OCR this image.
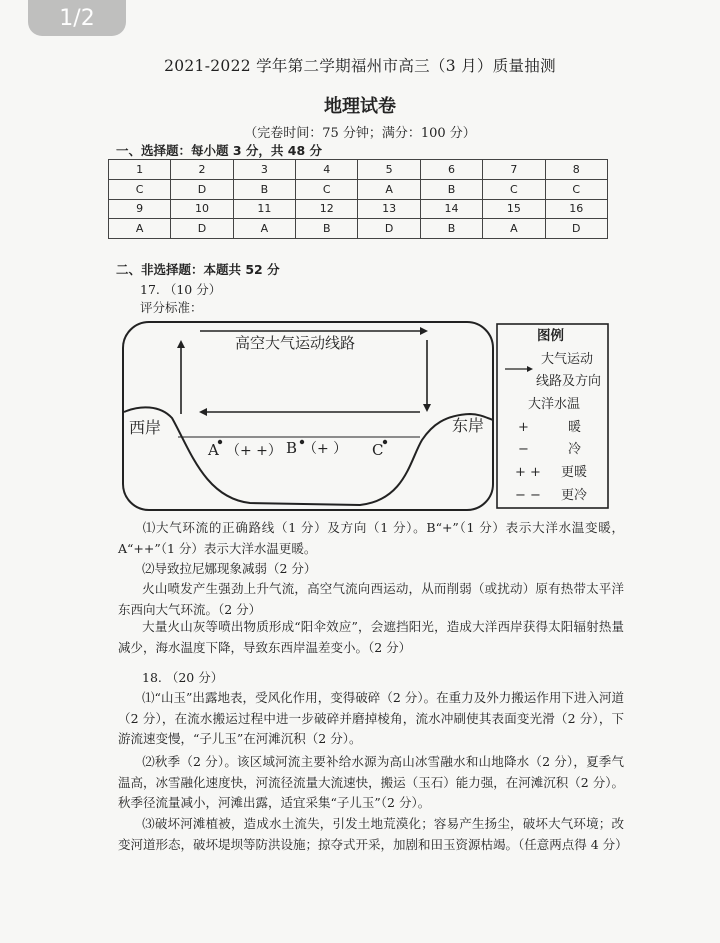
1/2
2021-2022 学年第二学期福州市高三（3 月）质量抽测
地理试卷
（完卷时间：75 分钟；满分：100 分）
一、选择题：每小题 3 分，共 48 分
1	2	3	4	5	6	7	8
C	D	B	C	A	B	C	C
9	10	11	12	13	14	15	16
A	D	A	B	D	B	A	D
二、非选择题：本题共 52 分
17. （10 分）
评分标准：
高空大气运动线路
西岸	东岸
A （+ +） B （+ ） C
图例
大气运动
线路及方向
大洋水温
+	暖
−	冷
+ + 更暖
− − 更冷
⑴大气环流的正确路线（1 分）及方向（1 分）。B“+”（1 分）表示大洋水温变暖，A“++”（1 分）表示大洋水温更暖。
⑵导致拉尼娜现象减弱（2 分）
火山喷发产生强劲上升气流，高空气流向西运动，从而削弱（或扰动）原有热带太平洋东西向大气环流。（2 分）
大量火山灰等喷出物质形成“阳伞效应”，会遮挡阳光，造成大洋西岸获得太阳辐射热量减少，海水温度下降，导致东西岸温差变小。（2 分）
18. （20 分）
⑴“山玉”出露地表，受风化作用，变得破碎（2 分）。在重力及外力搬运作用下进入河道（2 分），在流水搬运过程中进一步破碎并磨掉棱角，流水冲刷使其表面变光滑（2 分），下游流速变慢，“子儿玉”在河滩沉积（2 分）。
⑵秋季（2 分）。该区域河流主要补给水源为高山冰雪融水和山地降水（2 分），夏季气温高，冰雪融化速度快，河流径流量大流速快，搬运（玉石）能力强，在河滩沉积（2 分）。秋季径流量减小，河滩出露，适宜采集“子儿玉”（2 分）。
⑶破坏河滩植被，造成水土流失，引发土地荒漠化；容易产生扬尘，破坏大气环境；改变河道形态，破坏堤坝等防洪设施；掠夺式开采，加剧和田玉资源枯竭。（任意两点得 4 分）
